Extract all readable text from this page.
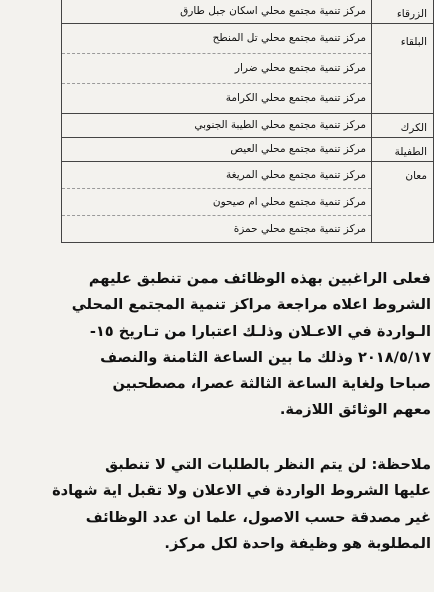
الزرقاء
مركز تنمية مجتمع محلي اسكان جبل طارق
البلقاء
مركز تنمية مجتمع محلي تل المنطح
مركز تنمية مجتمع محلي ضرار
مركز تنمية مجتمع محلي الكرامة
الكرك
مركز تنمية مجتمع محلي الطيبة الجنوبي
الطفيلة
مركز تنمية مجتمع محلي العيص
معان
مركز تنمية مجتمع محلي المريغة
مركز تنمية مجتمع محلي ام صيحون
مركز تنمية مجتمع محلي حمزة
فعلى الراغبين بهذه الوظائف ممن تنطبق عليهم
الشروط اعلاه مراجعة مراكز تنمية المجتمع المحلي
الـواردة في الاعـلان وذلـك اعتبارا من تـاريخ ١٥-
٢٠١٨/٥/١٧ وذلك ما بين الساعة الثامنة والنصف
صباحا ولغاية الساعة الثالثة عصرا، مصطحبين
معهم الوثائق اللازمة.
ملاحظة: لن يتم النظر بالطلبات التي لا تنطبق
عليها الشروط الواردة في الاعلان ولا تقبل اية شهادة
غير مصدقة حسب الاصول، علما ان عدد الوظائف
المطلوبة هو وظيفة واحدة لكل مركز.
